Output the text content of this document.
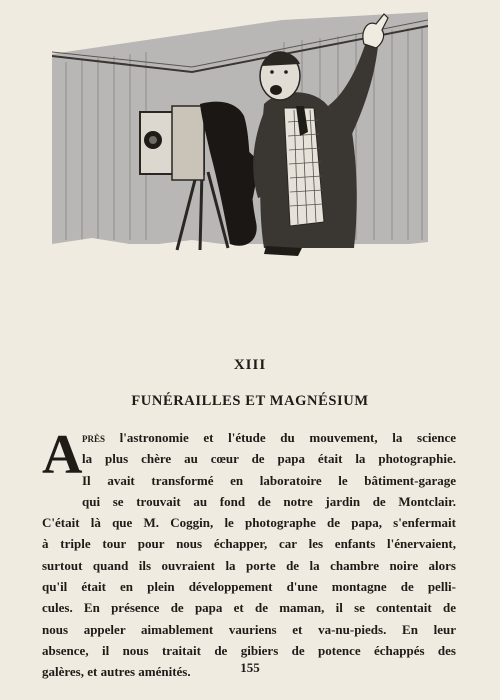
XIII
FUNÉRAILLES ET MAGNÉSIUM
A près l'astronomie et l'étude du mouvement, la science
la plus chère au cœur de papa était la photographie.
Il avait transformé en laboratoire le bâtiment-garage
qui se trouvait au fond de notre jardin de Montclair.
C'était là que M. Coggin, le photographe de papa, s'enfermait
à triple tour pour nous échapper, car les enfants l'énervaient,
surtout quand ils ouvraient la porte de la chambre noire alors
qu'il était en plein développement d'une montagne de pelli-
cules. En présence de papa et de maman, il se contentait de
nous appeler aimablement vauriens et va-nu-pieds. En leur
absence, il nous traitait de gibiers de potence échappés des
galères, et autres aménités.	155
